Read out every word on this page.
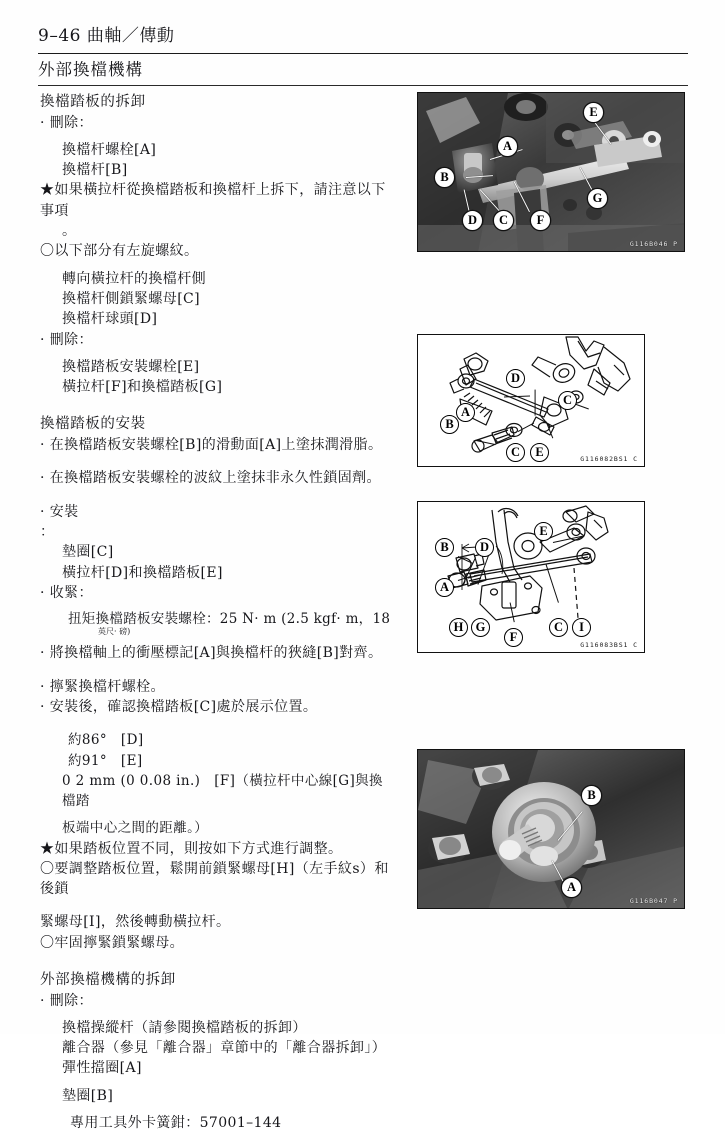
9–46 曲軸／傳動
外部換檔機構
換檔踏板的拆卸
· 刪除：
換檔杆螺栓[A]
換檔杆[B]
★如果橫拉杆從換檔踏板和換檔杆上拆下，請注意以下事項
。
〇以下部分有左旋螺紋。
轉向橫拉杆的換檔杆側
換檔杆側鎖緊螺母[C]
換檔杆球頭[D]
· 刪除：
換檔踏板安裝螺栓[E]
橫拉杆[F]和換檔踏板[G]
換檔踏板的安裝
· 在換檔踏板安裝螺栓[B]的滑動面[A]上塗抹潤滑脂。
· 在換檔踏板安裝螺栓的波紋上塗抹非永久性鎖固劑。
· 安裝
：
墊圈[C]
橫拉杆[D]和換檔踏板[E]
· 收緊：
扭矩換檔踏板安裝螺栓：25 N· m (2.5 kgf· m，18
英尺· 磅)
· 將換檔軸上的衝壓標記[A]與換檔杆的狹縫[B]對齊。
· 擰緊換檔杆螺栓。
· 安裝後，確認換檔踏板[C]處於展示位置。
約86°　[D]
約91°　[E]
0 2 mm (0 0.08 in.)　[F]（橫拉杆中心線[G]與換檔踏
板端中心之間的距離。）
★如果踏板位置不同，則按如下方式進行調整。
〇要調整踏板位置，鬆開前鎖緊螺母[H]（左手紋s）和後鎖
緊螺母[I]，然後轉動橫拉杆。
〇牢固擰緊鎖緊螺母。
外部換檔機構的拆卸
· 刪除：
換檔操縱杆（請參閱換檔踏板的拆卸）
離合器（參見「離合器」章節中的「離合器拆卸」）
彈性擋圈[A]
墊圈[B]
專用工具外卡簧鉗：57001–144
A
B
C
D
E
F
G
G116B046 P
B
A
C	E
C
D
G116082BS1 C
B
A
D
E
H G
F
C	I
G116083BS1 C
B
A
G116B047 P
